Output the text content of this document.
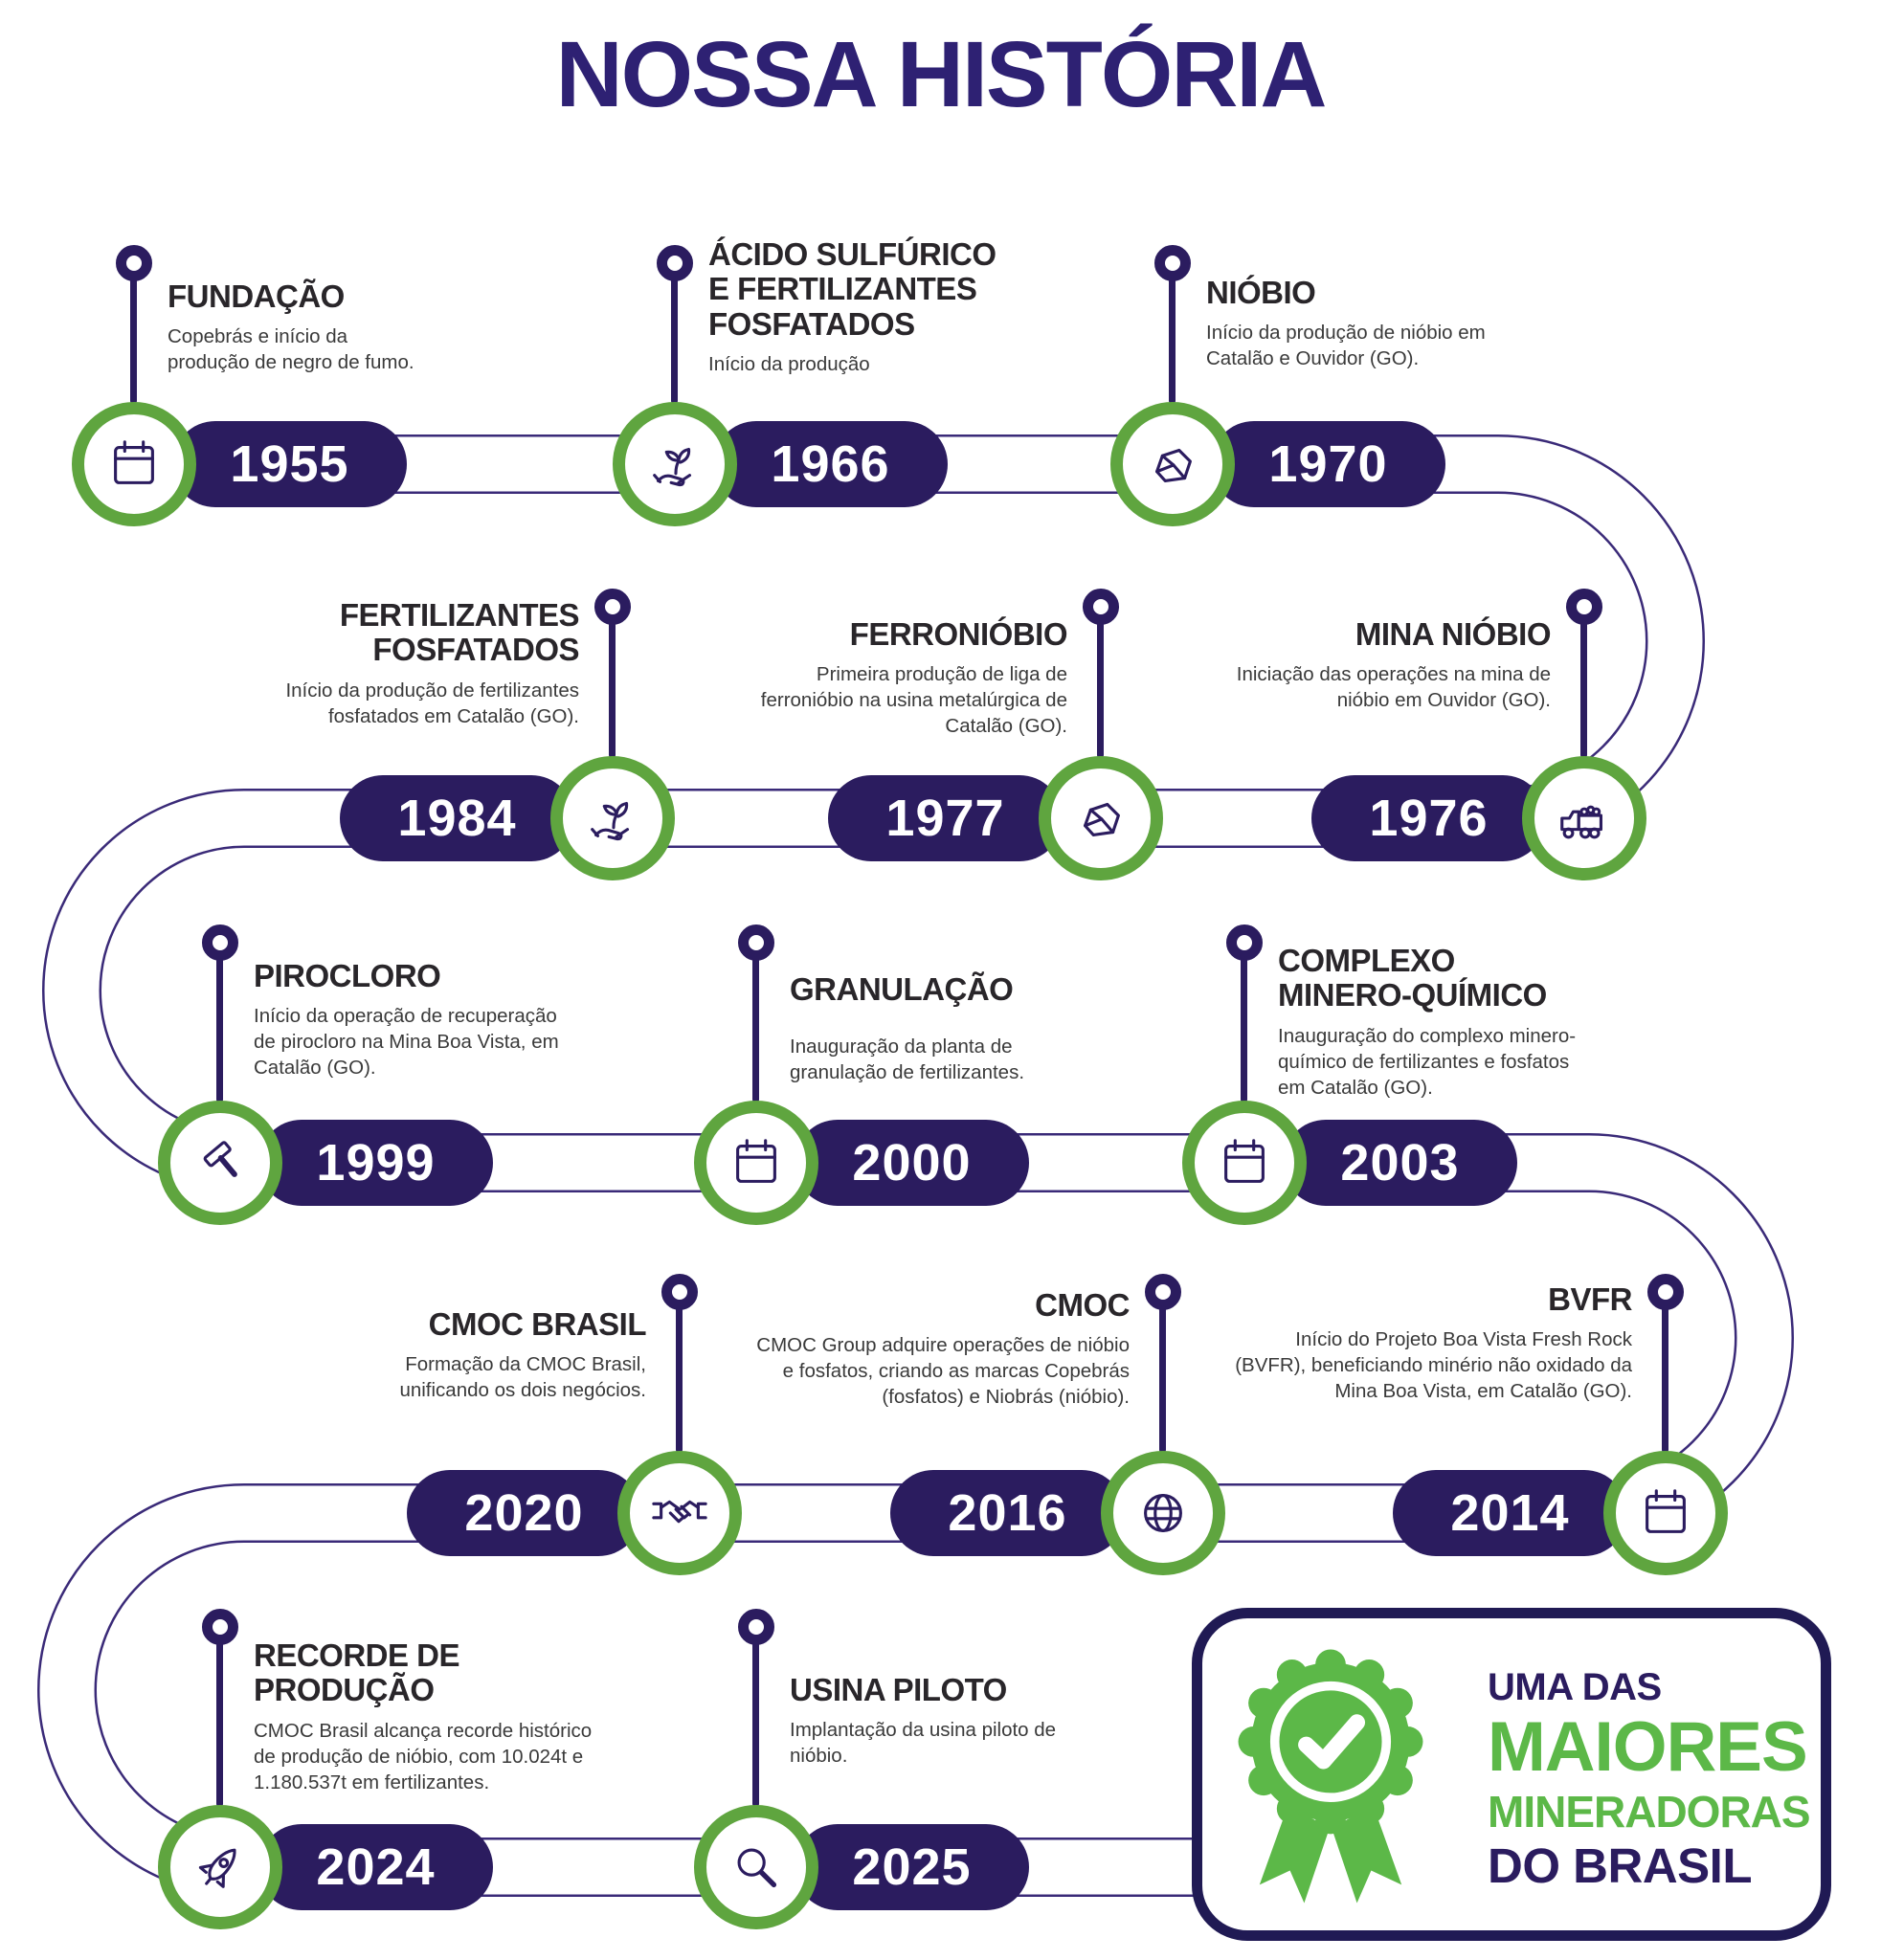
NOSSA HISTÓRIA
FUNDAÇÃO
Copebrás e início da produção de negro de fumo.
1955
ÁCIDO SULFÚRICO E FERTILIZANTES FOSFATADOS
Início da produção
1966
NIÓBIO
Início da produção de nióbio em Catalão e Ouvidor (GO).
1970
FERTILIZANTES FOSFATADOS
Início da produção de fertilizantes fosfatados em Catalão (GO).
1984
FERRONIÓBIO
Primeira produção de liga de ferronióbio na usina metalúrgica de Catalão (GO).
1977
MINA NIÓBIO
Iniciação das operações na mina de nióbio em Ouvidor (GO).
1976
PIROCLORO
Início da operação de recuperação de pirocloro na Mina Boa Vista, em Catalão (GO).
1999
GRANULAÇÃO
Inauguração da planta de granulação de fertilizantes.
2000
COMPLEXO MINERO-QUÍMICO
Inauguração do complexo minero-químico de fertilizantes e fosfatos em Catalão (GO).
2003
CMOC BRASIL
Formação da CMOC Brasil, unificando os dois negócios.
2020
CMOC
CMOC Group adquire operações de nióbio e fosfatos, criando as marcas Copebrás (fosfatos) e Niobrás (nióbio).
2016
BVFR
Início do Projeto Boa Vista Fresh Rock (BVFR), beneficiando minério não oxidado da Mina Boa Vista, em Catalão (GO).
2014
RECORDE DE PRODUÇÃO
CMOC Brasil alcança recorde histórico de produção de nióbio, com 10.024t e 1.180.537t em fertilizantes.
2024
USINA PILOTO
Implantação da usina piloto de nióbio.
2025
UMA DAS
MAIORES
MINERADORAS
DO BRASIL
